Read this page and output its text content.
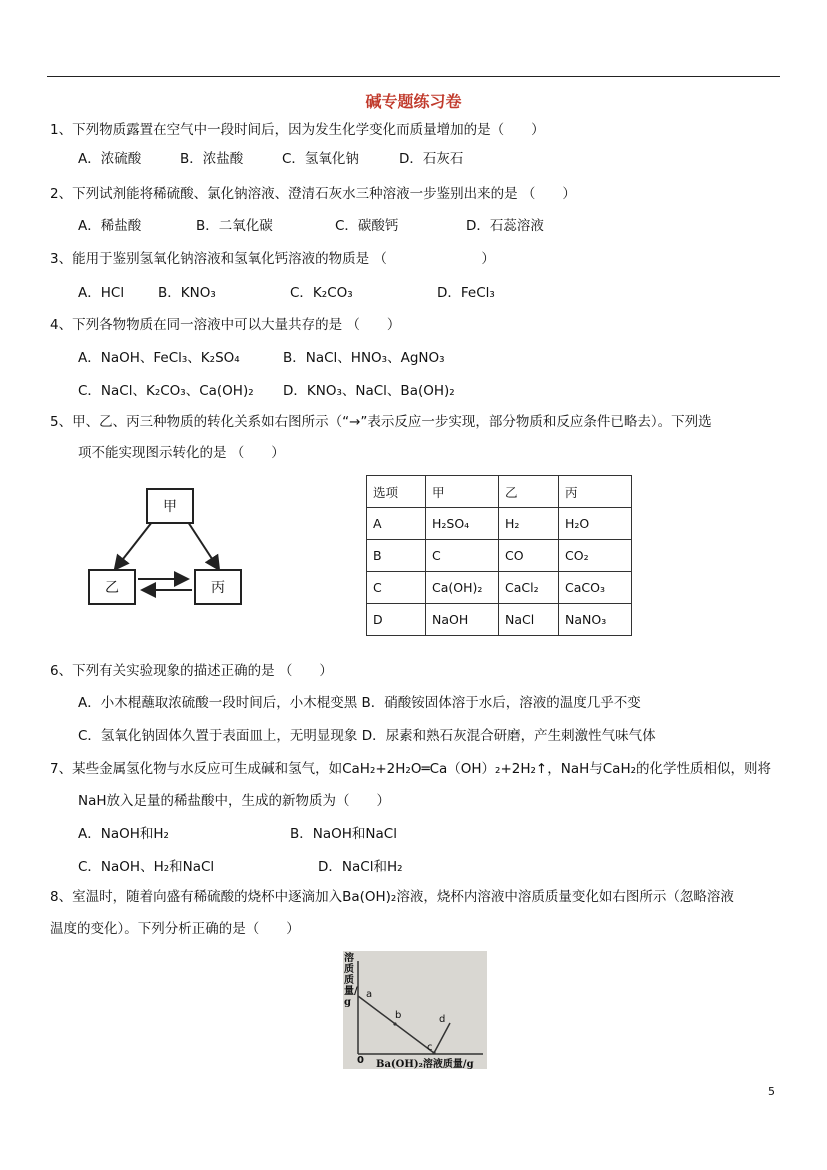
碱专题练习卷
1、下列物质露置在空气中一段时间后，因为发生化学变化而质量增加的是（　　）
A．浓硫酸	B．浓盐酸	C．氢氧化钠	D．石灰石
2、下列试剂能将稀硫酸、氯化钠溶液、澄清石灰水三种溶液一步鉴别出来的是 （　　）
A．稀盐酸	B．二氧化碳	C．碳酸钙	D．石蕊溶液
3、能用于鉴别氢氧化钠溶液和氢氧化钙溶液的物质是 （　　　　　　　）
A．HCl	B．KNO₃	C．K₂CO₃	D．FeCl₃
4、下列各物物质在同一溶液中可以大量共存的是 （　　）
A．NaOH、FeCl₃、K₂SO₄	B．NaCl、HNO₃、AgNO₃
C．NaCl、K₂CO₃、Ca(OH)₂ D．KNO₃、NaCl、Ba(OH)₂
5、甲、乙、丙三种物质的转化关系如右图所示（“→”表示反应一步实现，部分物质和反应条件已略去）。下列选
项不能实现图示转化的是 （　　）
甲
乙	丙
选项	甲	乙	丙
A	H₂SO₄	H₂	H₂O
B	C	CO	CO₂
C	Ca(OH)₂	CaCl₂	CaCO₃
D	NaOH	NaCl	NaNO₃
6、下列有关实验现象的描述正确的是 （　　）
A．小木棍蘸取浓硫酸一段时间后，小木棍变黑 B．硝酸铵固体溶于水后，溶液的温度几乎不变
C．氢氧化钠固体久置于表面皿上，无明显现象 D．尿素和熟石灰混合研磨，产生刺激性气味气体
7、某些金属氢化物与水反应可生成碱和氢气，如CaH₂+2H₂O═Ca（OH）₂+2H₂↑，NaH与CaH₂的化学性质相似，则将
NaH放入足量的稀盐酸中，生成的新物质为（　　）
A．NaOH和H₂	B．NaOH和NaCl
C．NaOH、H₂和NaCl	D．NaCl和H₂
8、室温时，随着向盛有稀硫酸的烧杯中逐滴加入Ba(OH)₂溶液，烧杯内溶液中溶质质量变化如右图所示（忽略溶液
温度的变化）。下列分析正确的是（　　）
溶质质量/g
a
b
c
d
0 Ba(OH)₂溶液质量/g
5
